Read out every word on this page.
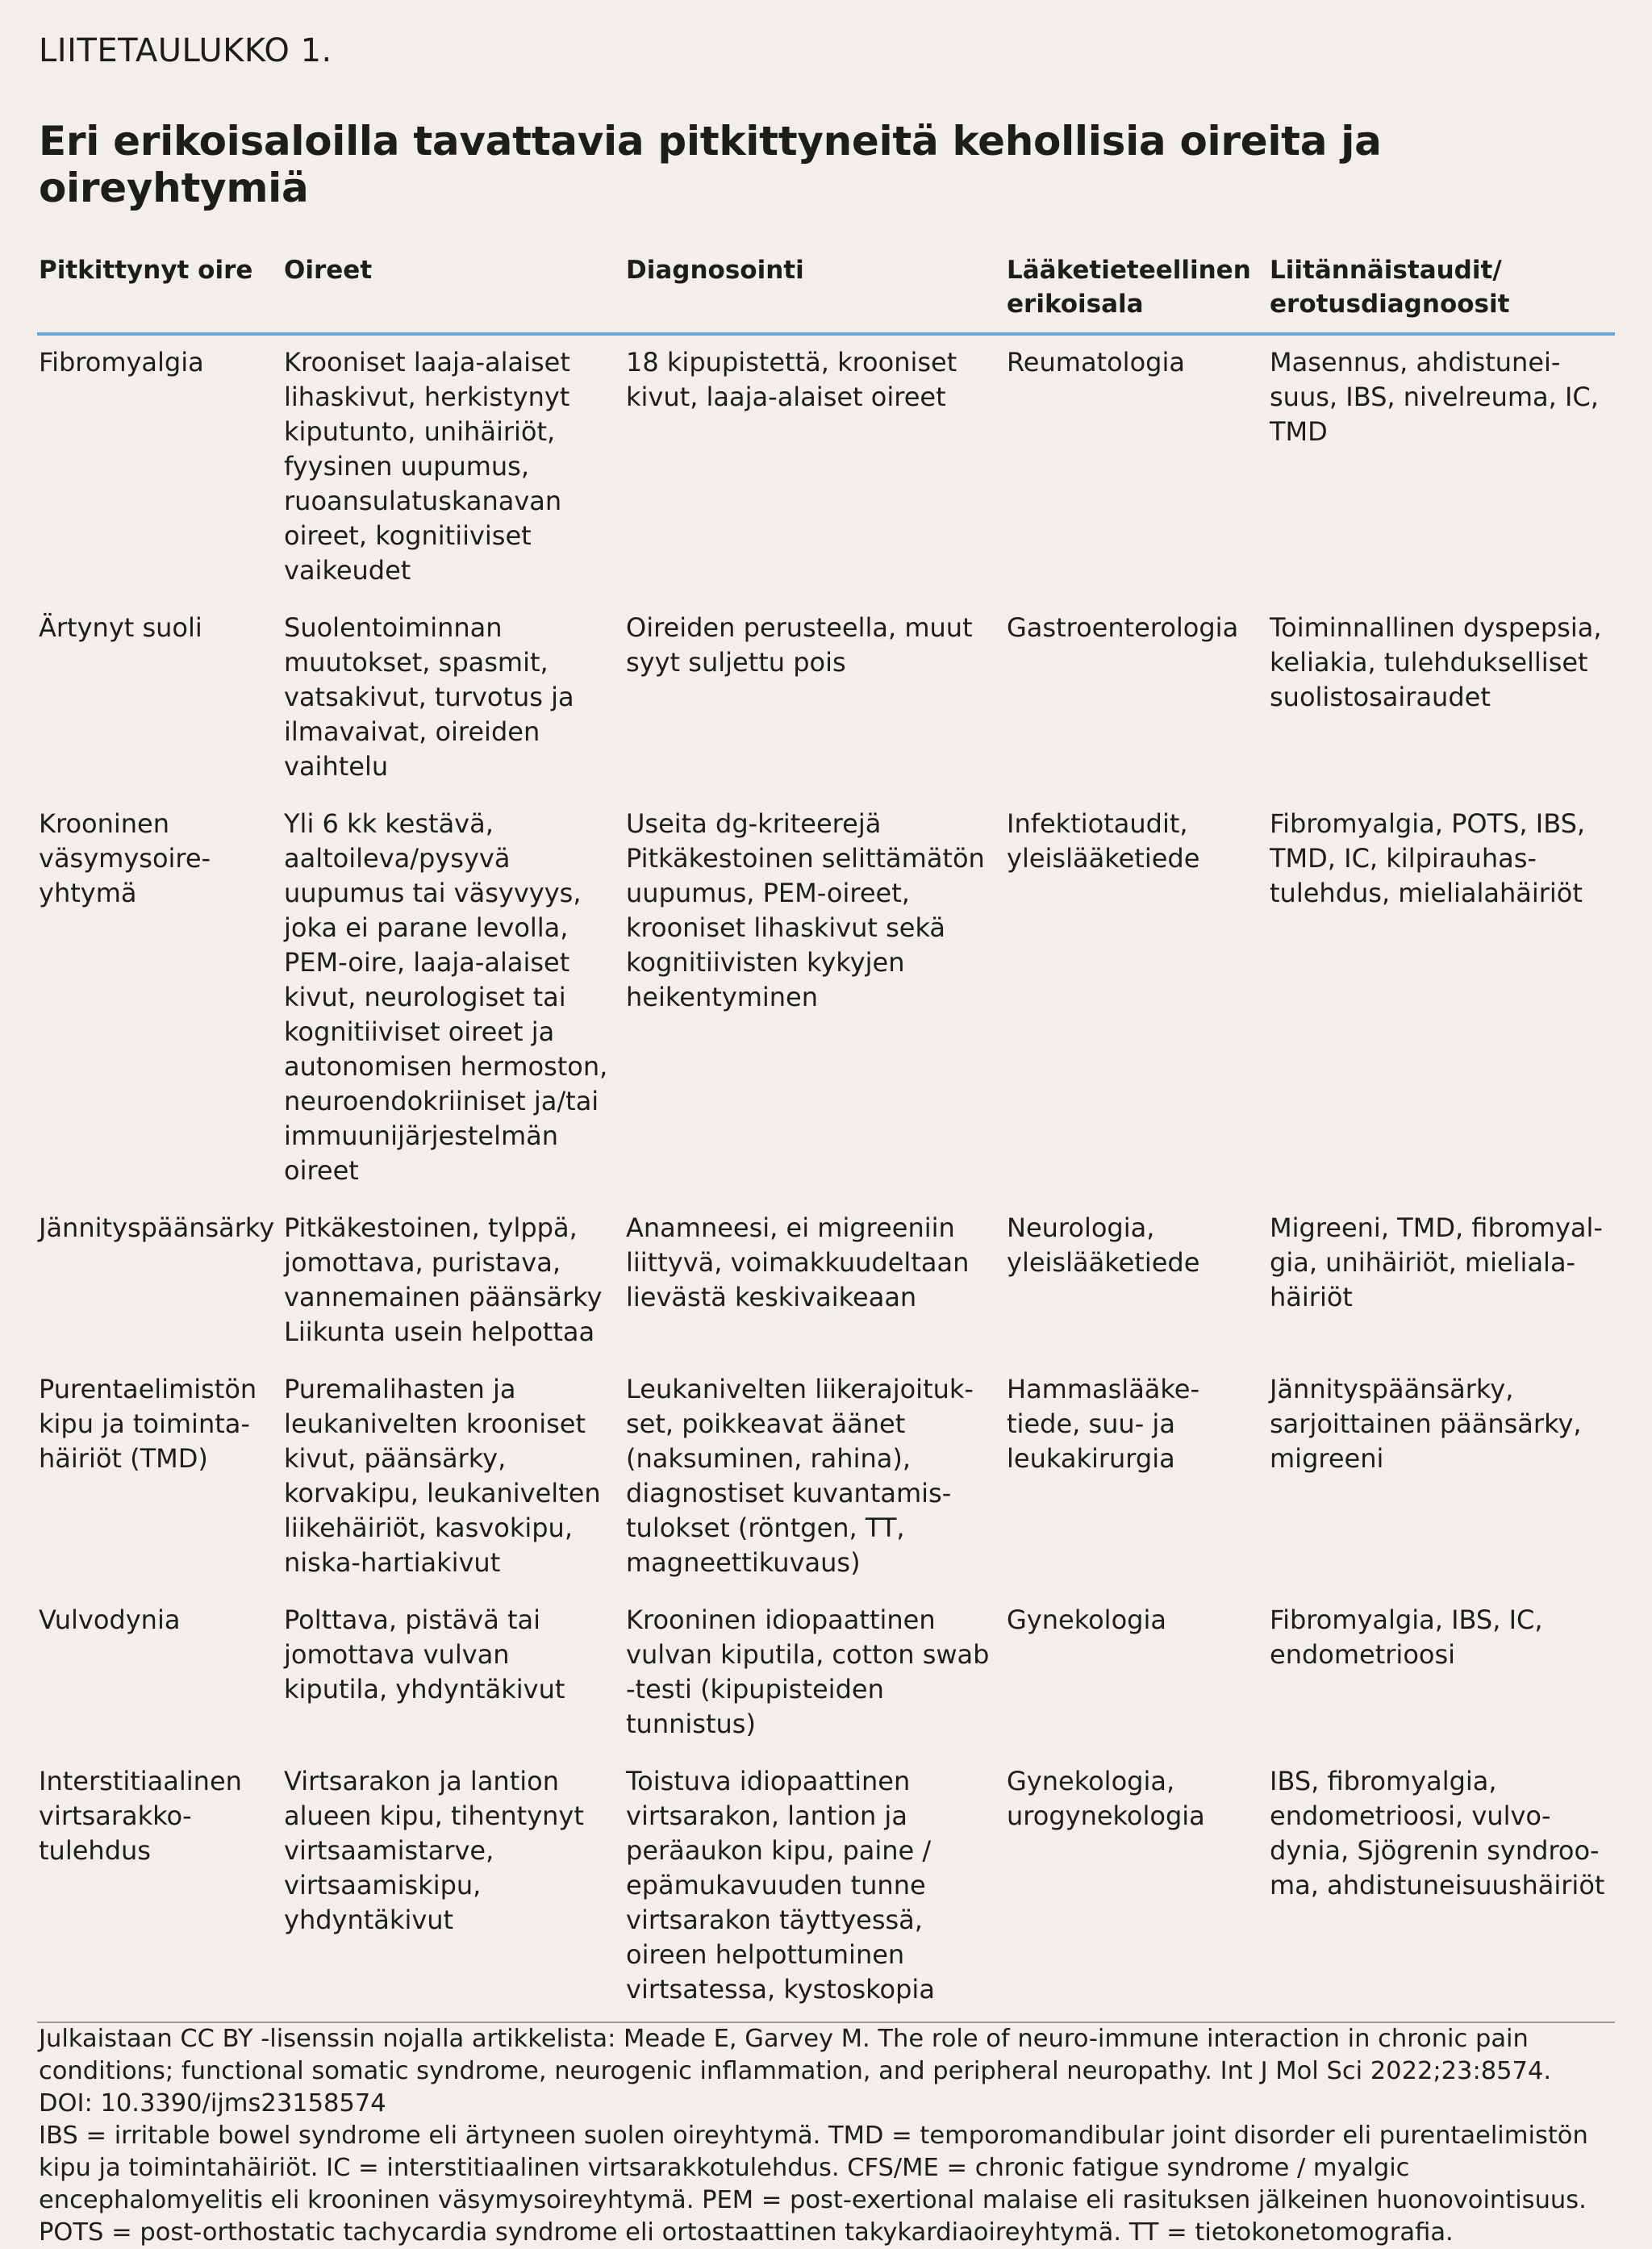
LIITETAULUKKO 1.
Eri erikoisaloilla tavattavia pitkittyneitä kehollisia oireita ja oireyhtymiä
Pitkittynyt oire	Oireet	Diagnosointi	Lääketieteellinen erikoisala	Liitännäistaudit/ erotusdiagnoosit
Fibromyalgia	Krooniset laaja-alaiset lihaskivut, herkistynyt kiputunto, unihäiriöt, fyysinen uupumus, ruoansulatuskanavan oireet, kognitiiviset vaikeudet	18 kipupistettä, krooniset kivut, laaja-alaiset oireet	Reumatologia	Masennus, ahdistuneisuus, IBS, nivelreuma, IC, TMD
Ärtynyt suoli	Suolentoiminnan muutokset, spasmit, vatsakivut, turvotus ja ilmavaivat, oireiden vaihtelu	Oireiden perusteella, muut syyt suljettu pois	Gastroenterologia	Toiminnallinen dyspepsia, keliakia, tulehdukselliset suolistosairaudet
Krooninen väsymysoireyhtymä	Yli 6 kk kestävä, aaltoileva/pysyvä uupumus tai väsyvyys, joka ei parane levolla, PEM-oire, laaja-alaiset kivut, neurologiset tai kognitiiviset oireet ja autonomisen hermoston, neuroendokriiniset ja/tai immuunijärjestelmän oireet	Useita dg-kriteerejä Pitkäkestoinen selittämätön uupumus, PEM-oireet, krooniset lihaskivut sekä kognitiivisten kykyjen heikentyminen	Infektiotaudit, yleislääketiede	Fibromyalgia, POTS, IBS, TMD, IC, kilpirauhastulehdus, mielialahäiriöt
Jännityspäänsärky	Pitkäkestoinen, tylppä, jomottava, puristava, vannemainen päänsärky Liikunta usein helpottaa	Anamneesi, ei migreeniin liittyvä, voimakkuudeltaan lievästä keskivaikeaan	Neurologia, yleislääketiede	Migreeni, TMD, fibromyalgia, unihäiriöt, mielialahäiriöt
Purentaelimistön kipu ja toimintahäiriöt (TMD)	Puremalihasten ja leukanivelten krooniset kivut, päänsärky, korvakipu, leukanivelten liikehäiriöt, kasvokipu, niska-hartiakivut	Leukanivelten liikerajoitukset, poikkeavat äänet (naksuminen, rahina), diagnostiset kuvantamistulokset (röntgen, TT, magneettikuvaus)	Hammaslääketiede, suu- ja leukakirurgia	Jännityspäänsärky, sarjoittainen päänsärky, migreeni
Vulvodynia	Polttava, pistävä tai jomottava vulvan kiputila, yhdyntäkivut	Krooninen idiopaattinen vulvan kiputila, cotton swab -testi (kipupisteiden tunnistus)	Gynekologia	Fibromyalgia, IBS, IC, endometrioosi
Interstitiaalinen virtsarakkotulehdus	Virtsarakon ja lantion alueen kipu, tihentynyt virtsaamistarve, virtsaamiskipu, yhdyntäkivut	Toistuva idiopaattinen virtsarakon, lantion ja peräaukon kipu, paine / epämukavuuden tunne virtsarakon täyttyessä, oireen helpottuminen virtsatessa, kystoskopia	Gynekologia, urogynekologia	IBS, fibromyalgia, endometrioosi, vulvodynia, Sjögrenin syndrooma, ahdistuneisuushäiriöt

Julkaistaan CC BY -lisenssin nojalla artikkelista: Meade E, Garvey M. The role of neuro-immune interaction in chronic pain conditions; functional somatic syndrome, neurogenic inflammation, and peripheral neuropathy. Int J Mol Sci 2022;23:8574. DOI: 10.3390/ijms23158574

IBS = irritable bowel syndrome eli ärtyneen suolen oireyhtymä. TMD = temporomandibular joint disorder eli purentaelimistön kipu ja toimintahäiriöt. IC = interstitiaalinen virtsarakkotulehdus. CFS/ME = chronic fatigue syndrome / myalgic encephalomyelitis eli krooninen väsymysoireyhtymä. PEM = post-exertional malaise eli rasituksen jälkeinen huonovointisuus. POTS = post-orthostatic tachycardia syndrome eli ortostaattinen takykardiaoireyhtymä. TT = tietokonetomografia.
